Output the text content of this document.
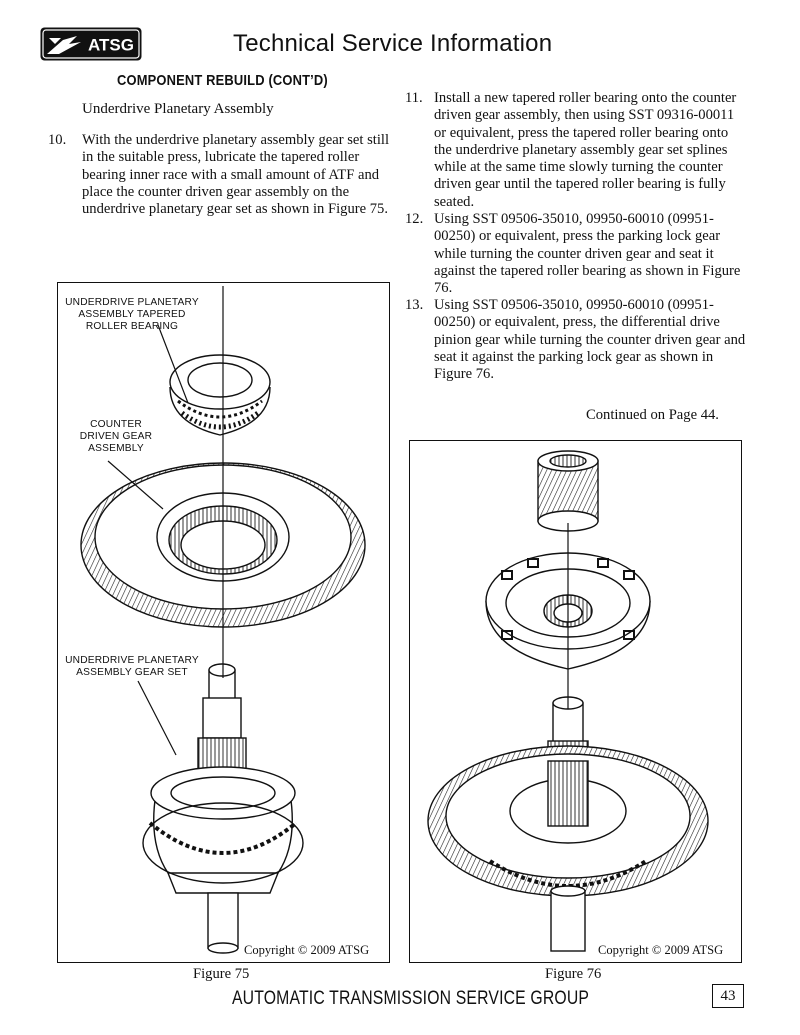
ATSG	Technical Service Information
COMPONENT REBUILD (CONT’D)
Underdrive Planetary Assembly
10. With the underdrive planetary assembly gear set still in the suitable press, lubricate the tapered roller bearing inner race with a small amount of ATF and place the counter driven gear assembly on the underdrive planetary gear set as shown in Figure 75.
11. Install a new tapered roller bearing onto the counter driven gear assembly, then using SST 09316-00011 or equivalent, press the tapered roller bearing onto the underdrive planetary assembly gear set splines while at the same time slowly turning the counter driven gear until the tapered roller bearing is fully seated.
12. Using SST 09506-35010, 09950-60010 (09951-00250) or equivalent, press the parking lock gear while turning the counter driven gear and seat it against the tapered roller bearing as shown in Figure 76.
13. Using SST 09506-35010, 09950-60010 (09951-00250) or equivalent, press, the differential drive pinion gear while turning the counter driven gear and seat it against the parking lock gear as shown in Figure 76.
Continued on Page 44.
UNDERDRIVE PLANETARY ASSEMBLY TAPERED ROLLER BEARING
COUNTER DRIVEN GEAR ASSEMBLY
UNDERDRIVE PLANETARY ASSEMBLY GEAR SET
Copyright © 2009 ATSG
Figure 75
Copyright © 2009 ATSG
Figure 76
AUTOMATIC TRANSMISSION SERVICE GROUP	43
